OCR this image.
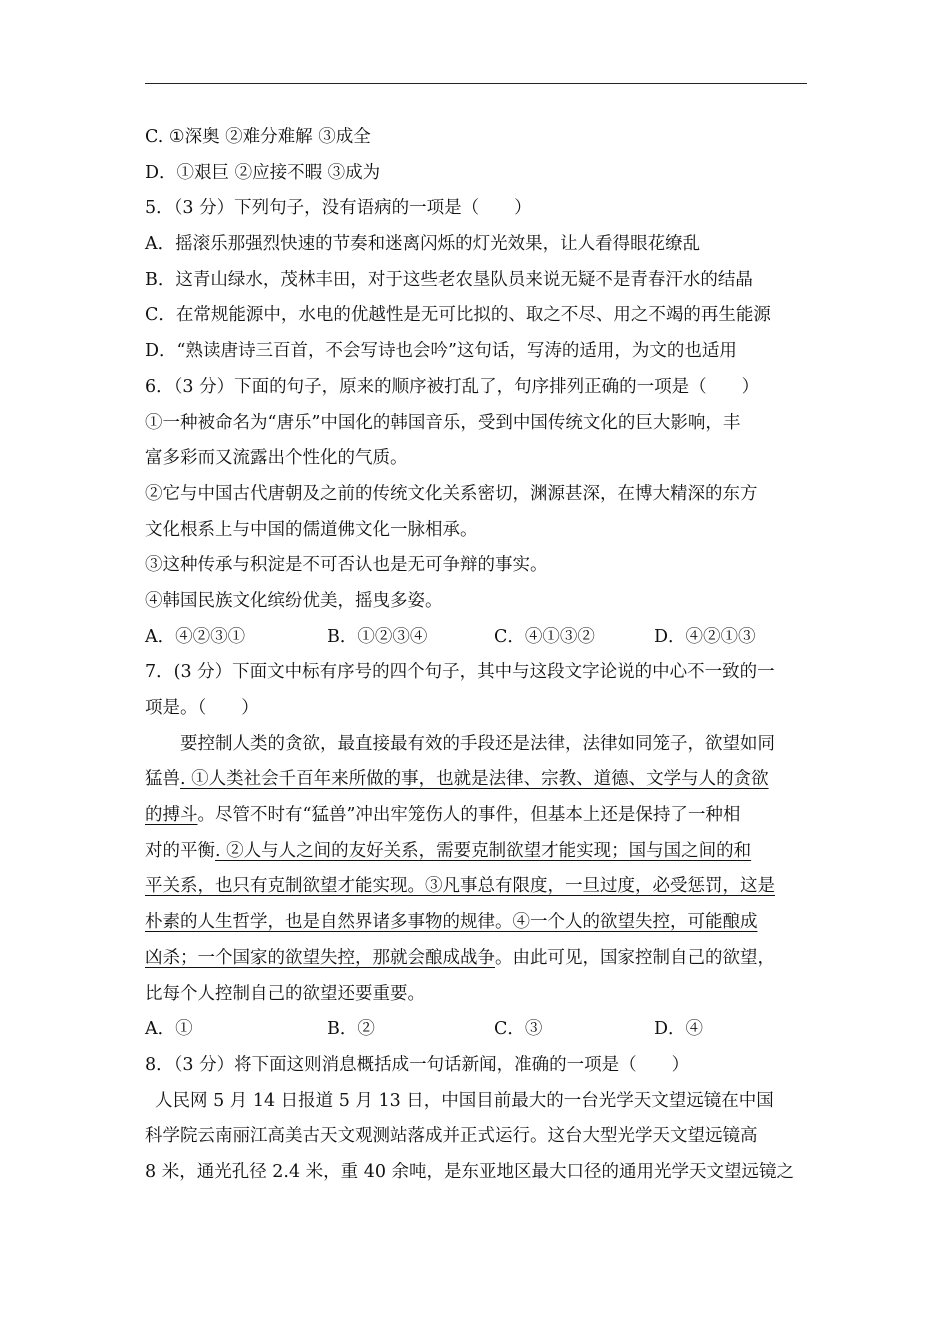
C. ①深奥 ②难分难解 ③成全
D．①艰巨 ②应接不暇 ③成为
5．（3 分）下列句子，没有语病的一项是（　　）
A．摇滚乐那强烈快速的节奏和迷离闪烁的灯光效果，让人看得眼花缭乱
B．这青山绿水，茂林丰田，对于这些老农垦队员来说无疑不是青春汗水的结晶
C．在常规能源中，水电的优越性是无可比拟的、取之不尽、用之不竭的再生能源
D．“熟读唐诗三百首，不会写诗也会吟”这句话，写涛的适用，为文的也适用
6．（3 分）下面的句子，原来的顺序被打乱了，句序排列正确的一项是（　　）
①一种被命名为“唐乐”中国化的韩国音乐，受到中国传统文化的巨大影响，丰
富多彩而又流露出个性化的气质。
②它与中国古代唐朝及之前的传统文化关系密切，渊源甚深，在博大精深的东方
文化根系上与中国的儒道佛文化一脉相承。
③这种传承与积淀是不可否认也是无可争辩的事实。
④韩国民族文化缤纷优美，摇曳多姿。
A．④②③①	B．①②③④	C．④①③②	D．④②①③
7．(3 分）下面文中标有序号的四个句子，其中与这段文字论说的中心不一致的一
项是。（　　）
要控制人类的贪欲，最直接最有效的手段还是法律，法律如同笼子，欲望如同
猛兽. ①人类社会千百年来所做的事，也就是法律、宗教、道德、文学与人的贪欲
的搏斗。尽管不时有“猛兽”冲出牢笼伤人的事件，但基本上还是保持了一种相
对的平衡. ②人与人之间的友好关系，需要克制欲望才能实现；国与国之间的和
平关系，也只有克制欲望才能实现。③凡事总有限度，一旦过度，必受惩罚，这是
朴素的人生哲学，也是自然界诸多事物的规律。④一个人的欲望失控，可能酿成
凶杀；一个国家的欲望失控，那就会酿成战争。由此可见，国家控制自己的欲望，
比每个人控制自己的欲望还要重要。
A．①	B．②	C．③	D．④
8．（3 分）将下面这则消息概括成一句话新闻，准确的一项是（　　）
人民网 5 月 14 日报道 5 月 13 日，中国目前最大的一台光学天文望远镜在中国
科学院云南丽江高美古天文观测站落成并正式运行。这台大型光学天文望远镜高
8 米，通光孔径 2.4 米，重 40 余吨，是东亚地区最大口径的通用光学天文望远镜之
